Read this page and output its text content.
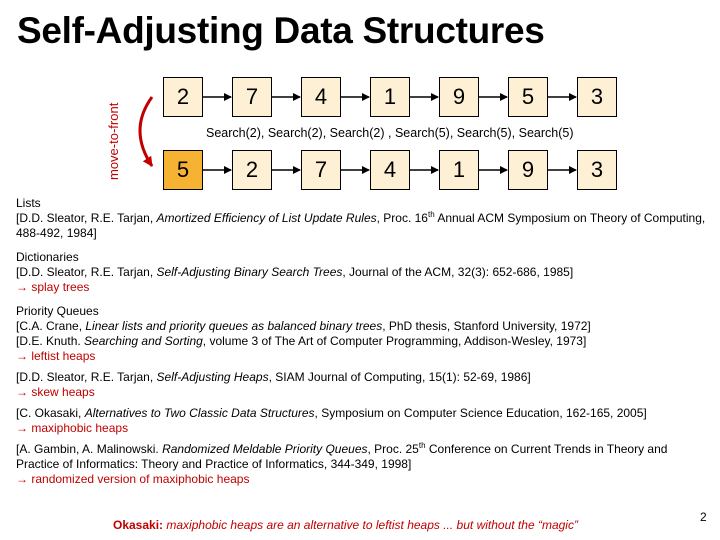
Self-Adjusting Data Structures
move-to-front
2	7	4	1	9	5	3
5	2	7	4	1	9	3
Search(2), Search(2), Search(2) , Search(5), Search(5), Search(5)

Lists

[D.D. Sleator, R.E. Tarjan, Amortized Efficiency of List Update Rules, Proc. 16th Annual ACM Symposium on Theory of Computing, 488-492, 1984]

Dictionaries

[D.D. Sleator, R.E. Tarjan, Self-Adjusting Binary Search Trees, Journal of the ACM, 32(3): 652-686, 1985]

→ splay trees

Priority Queues

[C.A. Crane, Linear lists and priority queues as balanced binary trees, PhD thesis, Stanford University, 1972]

[D.E. Knuth. Searching and Sorting, volume 3 of The Art of Computer Programming, Addison-Wesley, 1973]

→ leftist heaps

[D.D. Sleator, R.E. Tarjan, Self-Adjusting Heaps, SIAM Journal of Computing, 15(1): 52-69, 1986]

→ skew heaps

[C. Okasaki, Alternatives to Two Classic Data Structures, Symposium on Computer Science Education, 162-165, 2005]

→ maxiphobic heaps

[A. Gambin, A. Malinowski. Randomized Meldable Priority Queues, Proc. 25th Conference on Current Trends in Theory and Practice of Informatics: Theory and Practice of Informatics, 344-349, 1998]

→ randomized version of maxiphobic heaps

Okasaki: maxiphobic heaps are an alternative to leftist heaps ... but without the “magic”
2
